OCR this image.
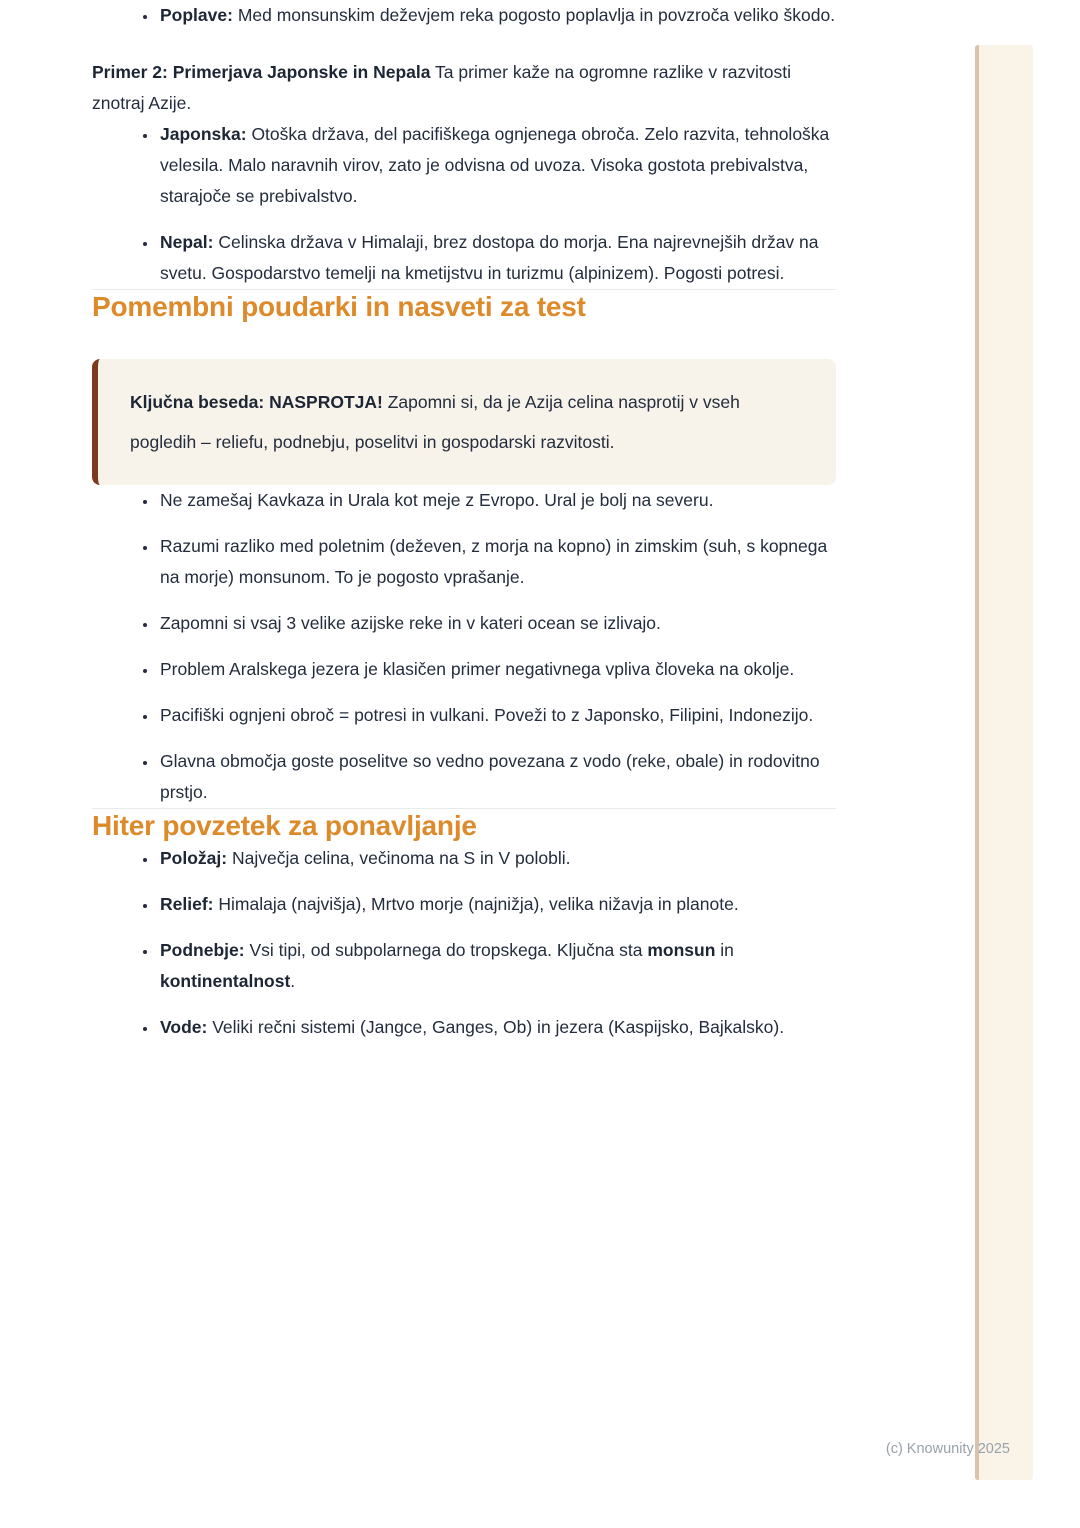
• Poplave: Med monsunskim deževjem reka pogosto poplavlja in povzroča veliko škodo.

Primer 2: Primerjava Japonske in Nepala Ta primer kaže na ogromne razlike v razvitosti znotraj Azije.

• Japonska: Otoška država, del pacifiškega ognjenega obroča. Zelo razvita, tehnološka velesila. Malo naravnih virov, zato je odvisna od uvoza. Visoka gostota prebivalstva, starajoče se prebivalstvo.
• Nepal: Celinska država v Himalaji, brez dostopa do morja. Ena najrevnejših držav na svetu. Gospodarstvo temelji na kmetijstvu in turizmu (alpinizem). Pogosti potresi.
Pomembni poudarki in nasveti za test
Ključna beseda: NASPROTJA! Zapomni si, da je Azija celina nasprotij v vseh pogledih – reliefu, podnebju, poselitvi in gospodarski razvitosti.
• Ne zamešaj Kavkaza in Urala kot meje z Evropo. Ural je bolj na severu.
• Razumi razliko med poletnim (deževen, z morja na kopno) in zimskim (suh, s kopnega na morje) monsunom. To je pogosto vprašanje.
• Zapomni si vsaj 3 velike azijske reke in v kateri ocean se izlivajo.
• Problem Aralskega jezera je klasičen primer negativnega vpliva človeka na okolje.
• Pacifiški ognjeni obroč = potresi in vulkani. Poveži to z Japonsko, Filipini, Indonezijo.
• Glavna območja goste poselitve so vedno povezana z vodo (reke, obale) in rodovitno prstjo.
Hiter povzetek za ponavljanje
• Položaj: Največja celina, večinoma na S in V polobli.
• Relief: Himalaja (najvišja), Mrtvo morje (najnižja), velika nižavja in planote.
• Podnebje: Vsi tipi, od subpolarnega do tropskega. Ključna sta monsun in kontinentalnost.
• Vode: Veliki rečni sistemi (Jangce, Ganges, Ob) in jezera (Kaspijsko, Bajkalsko).
(c) Knowunity 2025
